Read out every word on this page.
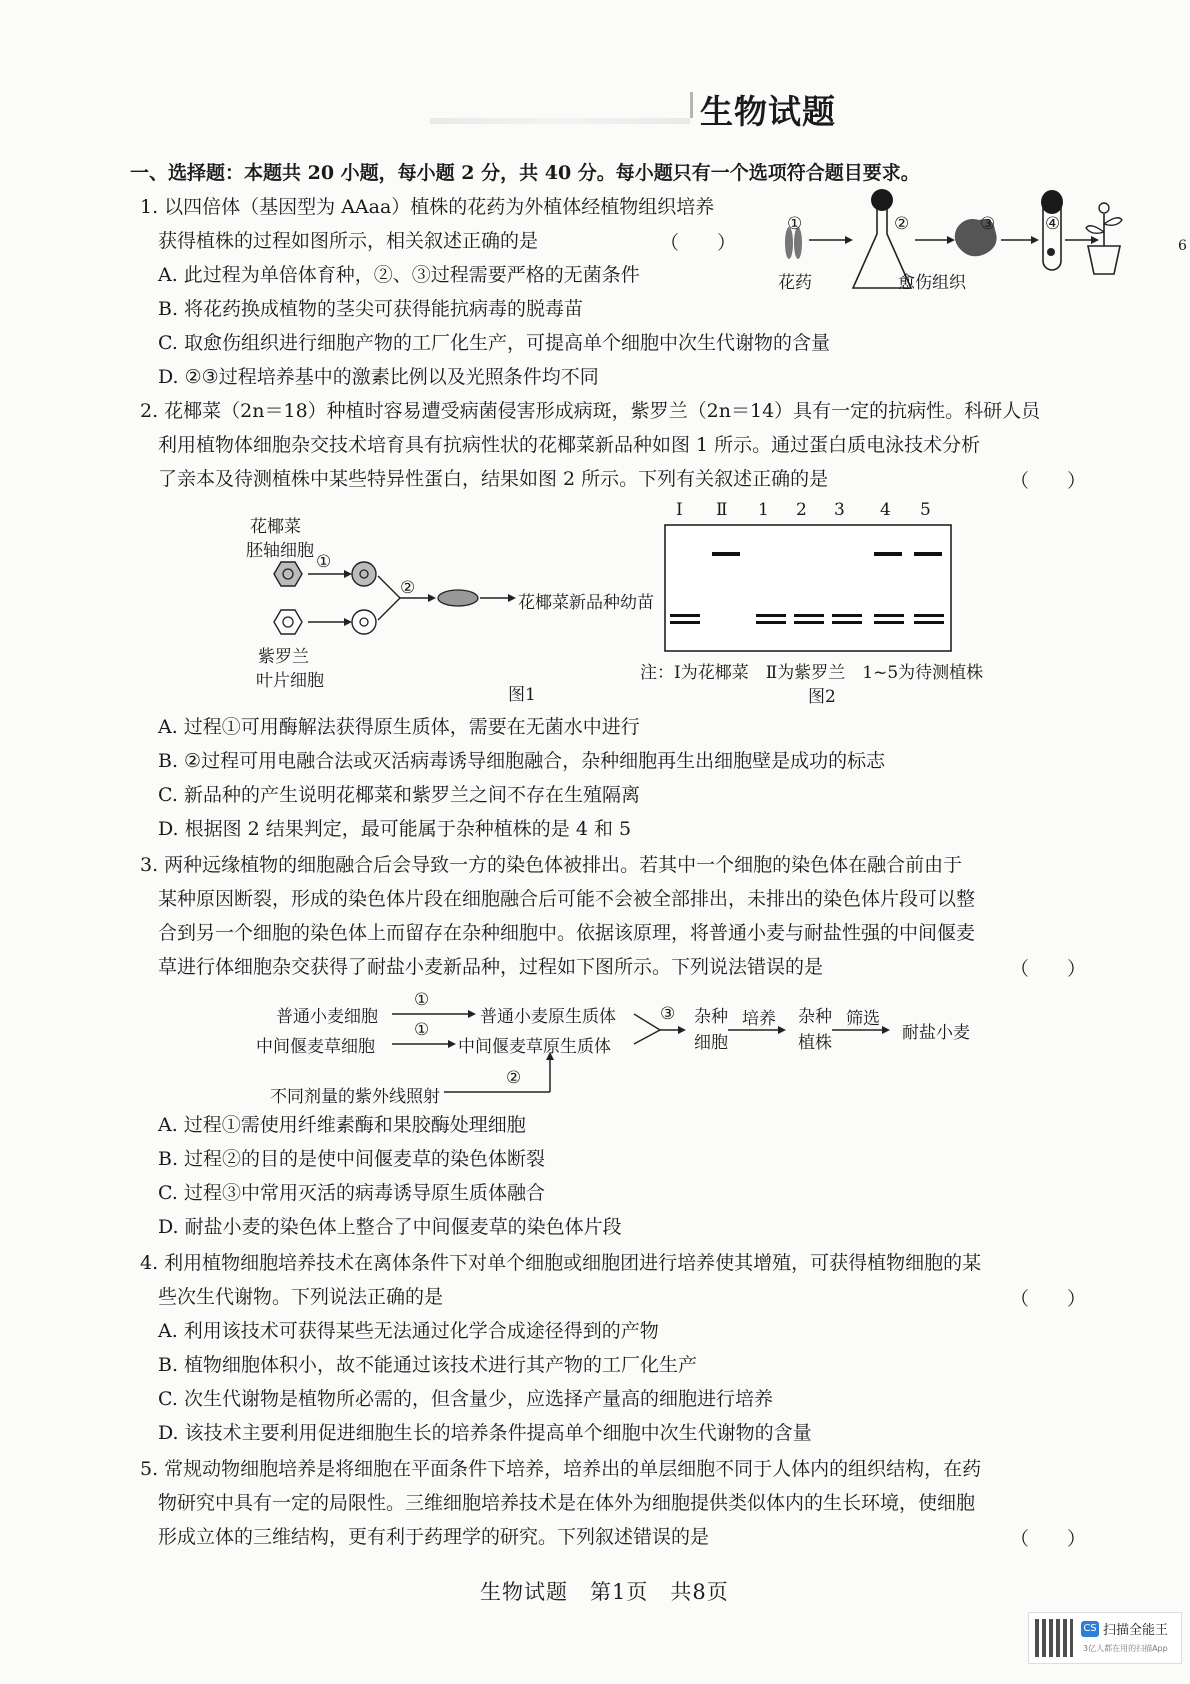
生物试题
6
一、选择题：本题共 20 小题，每小题 2 分，共 40 分。每小题只有一个选项符合题目要求。
1. 以四倍体（基因型为 AAaa）植株的花药为外植体经植物组织培养
获得植株的过程如图所示，相关叙述正确的是	（　　）
A. 此过程为单倍体育种，②、③过程需要严格的无菌条件
B. 将花药换成植物的茎尖可获得能抗病毒的脱毒苗
C. 取愈伤组织进行细胞产物的工厂化生产，可提高单个细胞中次生代谢物的含量
D. ②③过程培养基中的激素比例以及光照条件均不同
①	②	③	④
花药	愈伤组织
2. 花椰菜（2n＝18）种植时容易遭受病菌侵害形成病斑，紫罗兰（2n＝14）具有一定的抗病性。科研人员
利用植物体细胞杂交技术培育具有抗病性状的花椰菜新品种如图 1 所示。通过蛋白质电泳技术分析
了亲本及待测植株中某些特异性蛋白，结果如图 2 所示。下列有关叙述正确的是	（　　）
花椰菜
胚轴细胞
①
②
花椰菜新品种幼苗
紫罗兰
叶片细胞
图1
Ⅰ Ⅱ 1 2 3 4 5
注：Ⅰ为花椰菜　Ⅱ为紫罗兰　1~5为待测植株
图2
A. 过程①可用酶解法获得原生质体，需要在无菌水中进行
B. ②过程可用电融合法或灭活病毒诱导细胞融合，杂种细胞再生出细胞壁是成功的标志
C. 新品种的产生说明花椰菜和紫罗兰之间不存在生殖隔离
D. 根据图 2 结果判定，最可能属于杂种植株的是 4 和 5
3. 两种远缘植物的细胞融合后会导致一方的染色体被排出。若其中一个细胞的染色体在融合前由于
某种原因断裂，形成的染色体片段在细胞融合后可能不会被全部排出，未排出的染色体片段可以整
合到另一个细胞的染色体上而留存在杂种细胞中。依据该原理，将普通小麦与耐盐性强的中间偃麦
草进行体细胞杂交获得了耐盐小麦新品种，过程如下图所示。下列说法错误的是	（　　）
普通小麦细胞
中间偃麦草细胞
①
①
普通小麦原生质体
中间偃麦草原生质体
③ 杂种
细胞
培养 杂种
植株
筛选
耐盐小麦
不同剂量的紫外线照射
②
A. 过程①需使用纤维素酶和果胶酶处理细胞
B. 过程②的目的是使中间偃麦草的染色体断裂
C. 过程③中常用灭活的病毒诱导原生质体融合
D. 耐盐小麦的染色体上整合了中间偃麦草的染色体片段
4. 利用植物细胞培养技术在离体条件下对单个细胞或细胞团进行培养使其增殖，可获得植物细胞的某
些次生代谢物。下列说法正确的是	（　　）
A. 利用该技术可获得某些无法通过化学合成途径得到的产物
B. 植物细胞体积小，故不能通过该技术进行其产物的工厂化生产
C. 次生代谢物是植物所必需的，但含量少，应选择产量高的细胞进行培养
D. 该技术主要利用促进细胞生长的培养条件提高单个细胞中次生代谢物的含量
5. 常规动物细胞培养是将细胞在平面条件下培养，培养出的单层细胞不同于人体内的组织结构，在药
物研究中具有一定的局限性。三维细胞培养技术是在体外为细胞提供类似体内的生长环境，使细胞
形成立体的三维结构，更有利于药理学的研究。下列叙述错误的是	（　　）
生物试题　第1页　共8页
CS 扫描全能王
3亿人都在用的扫描App
